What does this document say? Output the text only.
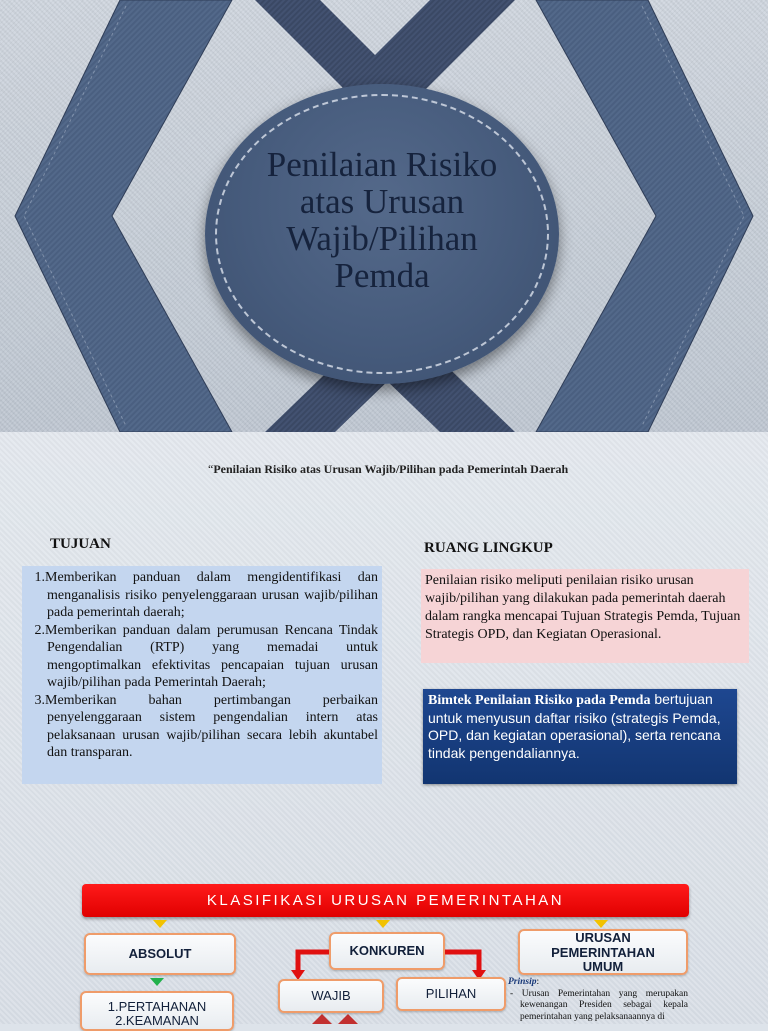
Penilaian Risiko
atas Urusan
Wajib/Pilihan
Pemda
“Penilaian Risiko atas Urusan Wajib/Pilihan pada Pemerintah Daerah
TUJUAN	RUANG LINGKUP
1.Memberikan panduan dalam mengidentifikasi dan menganalisis risiko penyelenggaraan urusan wajib/pilihan pada pemerintah daerah;
2.Memberikan panduan dalam perumusan Rencana Tindak Pengendalian (RTP) yang memadai untuk mengoptimalkan efektivitas pencapaian tujuan urusan wajib/pilihan pada Pemerintah Daerah;
3.Memberikan bahan pertimbangan perbaikan penyelenggaraan sistem pengendalian intern atas pelaksanaan urusan wajib/pilihan secara lebih akuntabel dan transparan.
Penilaian risiko meliputi penilaian risiko urusan wajib/pilihan yang dilakukan pada pemerintah daerah dalam rangka mencapai Tujuan Strategis Pemda, Tujuan Strategis OPD, dan Kegiatan Operasional.
Bimtek Penilaian Risiko pada Pemda bertujuan untuk menyusun daftar risiko (strategis Pemda, OPD, dan kegiatan operasional), serta rencana tindak pengendaliannya.
KLASIFIKASI URUSAN PEMERINTAHAN
ABSOLUT
1.PERTAHANAN
2.KEAMANAN
KONKUREN
WAJIB	PILIHAN
URUSAN
PEMERINTAHAN
UMUM
Prinsip:
- Urusan Pemerintahan yang merupakan kewenangan Presiden sebagai kepala pemerintahan yang pelaksanaannya di
